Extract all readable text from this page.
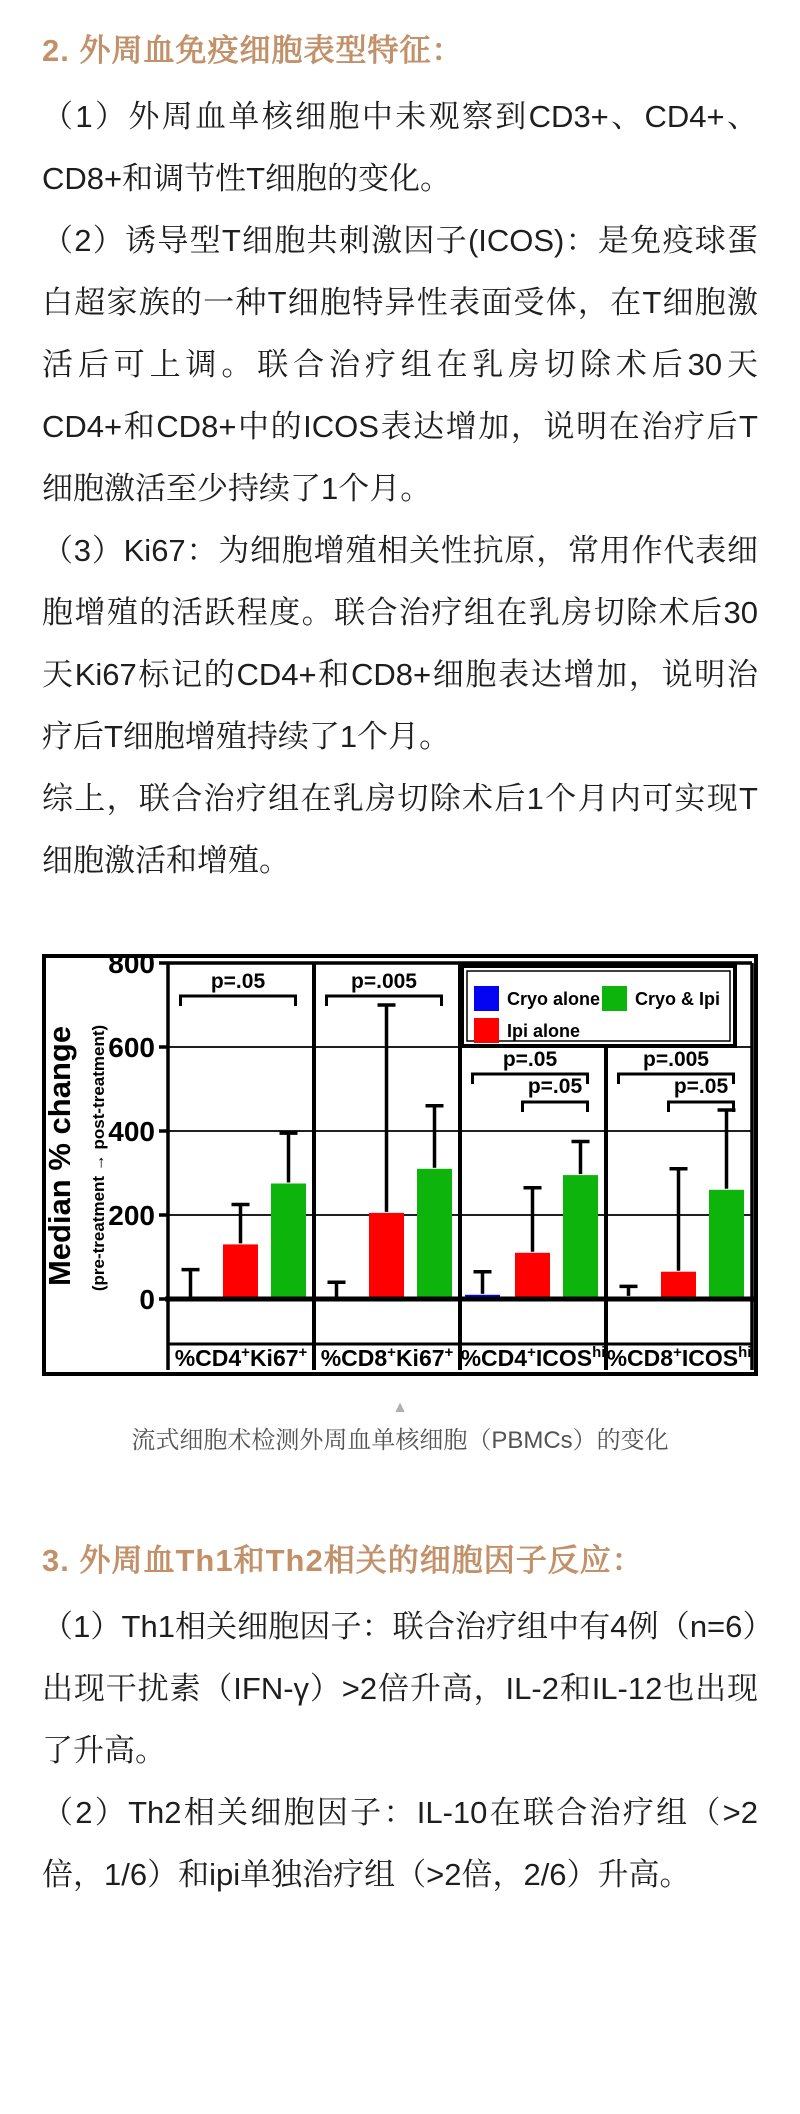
2. 外周血免疫细胞表型特征：

（1）外周血单核细胞中未观察到CD3+、CD4+、CD8+和调节性T细胞的变化。

（2）诱导型T细胞共刺激因子(ICOS)：是免疫球蛋白超家族的一种T细胞特异性表面受体，在T细胞激活后可上调。联合治疗组在乳房切除术后30天CD4+和CD8+中的ICOS表达增加，说明在治疗后T细胞激活至少持续了1个月。

（3）Ki67：为细胞增殖相关性抗原，常用作代表细胞增殖的活跃程度。联合治疗组在乳房切除术后30天Ki67标记的CD4+和CD8+细胞表达增加，说明治疗后T细胞增殖持续了1个月。

综上，联合治疗组在乳房切除术后1个月内可实现T细胞激活和增殖。

0
200
400
600
800
Median % change (pre-treatment → post-treatment)
Cryo alone Cryo & Ipi
Ipi alone
p=.05	p=.005
p=.05
p=.05
p=.005
p=.05
%CD4+Ki67+ %CD8+Ki67+ $\%CD4^+ICOS^{hi}$ $\%CD8^+ICOS^{hi}$
▲
流式细胞术检测外周血单核细胞（PBMCs）的变化
3. 外周血Th1和Th2相关的细胞因子反应：

（1）Th1相关细胞因子：联合治疗组中有4例（n=6）出现干扰素（IFN-γ）>2倍升高，IL-2和IL-12也出现了升高。

（2）Th2相关细胞因子：IL-10在联合治疗组（>2倍，1/6）和ipi单独治疗组（>2倍，2/6）升高。
